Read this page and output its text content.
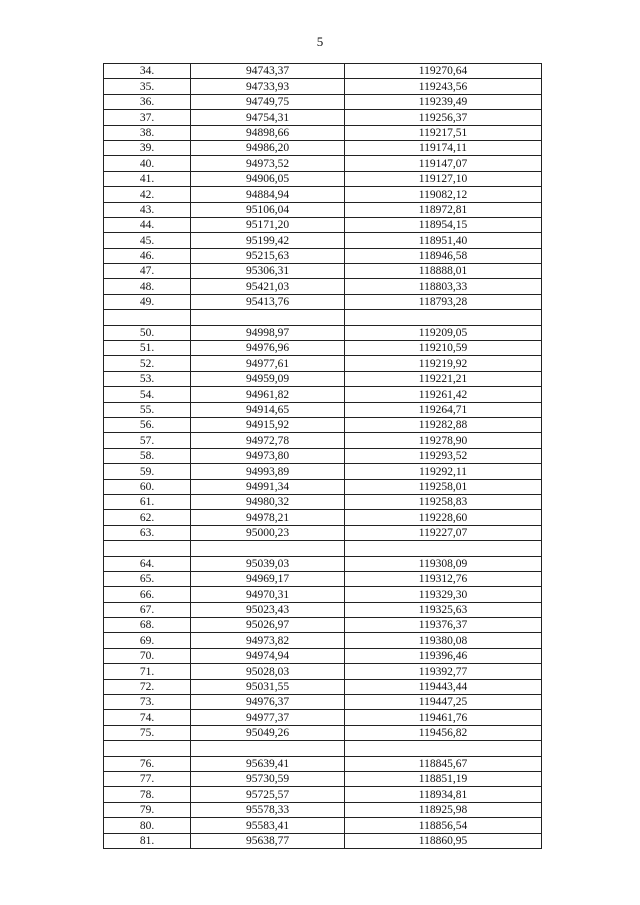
5
34.	94743,37	119270,64
35.	94733,93	119243,56
36.	94749,75	119239,49
37.	94754,31	119256,37
38.	94898,66	119217,51
39.	94986,20	119174,11
40.	94973,52	119147,07
41.	94906,05	119127,10
42.	94884,94	119082,12
43.	95106,04	118972,81
44.	95171,20	118954,15
45.	95199,42	118951,40
46.	95215,63	118946,58
47.	95306,31	118888,01
48.	95421,03	118803,33
49.	95413,76	118793,28

50.	94998,97	119209,05
51.	94976,96	119210,59
52.	94977,61	119219,92
53.	94959,09	119221,21
54.	94961,82	119261,42
55.	94914,65	119264,71
56.	94915,92	119282,88
57.	94972,78	119278,90
58.	94973,80	119293,52
59.	94993,89	119292,11
60.	94991,34	119258,01
61.	94980,32	119258,83
62.	94978,21	119228,60
63.	95000,23	119227,07

64.	95039,03	119308,09
65.	94969,17	119312,76
66.	94970,31	119329,30
67.	95023,43	119325,63
68.	95026,97	119376,37
69.	94973,82	119380,08
70.	94974,94	119396,46
71.	95028,03	119392,77
72.	95031,55	119443,44
73.	94976,37	119447,25
74.	94977,37	119461,76
75.	95049,26	119456,82

76.	95639,41	118845,67
77.	95730,59	118851,19
78.	95725,57	118934,81
79.	95578,33	118925,98
80.	95583,41	118856,54
81.	95638,77	118860,95
